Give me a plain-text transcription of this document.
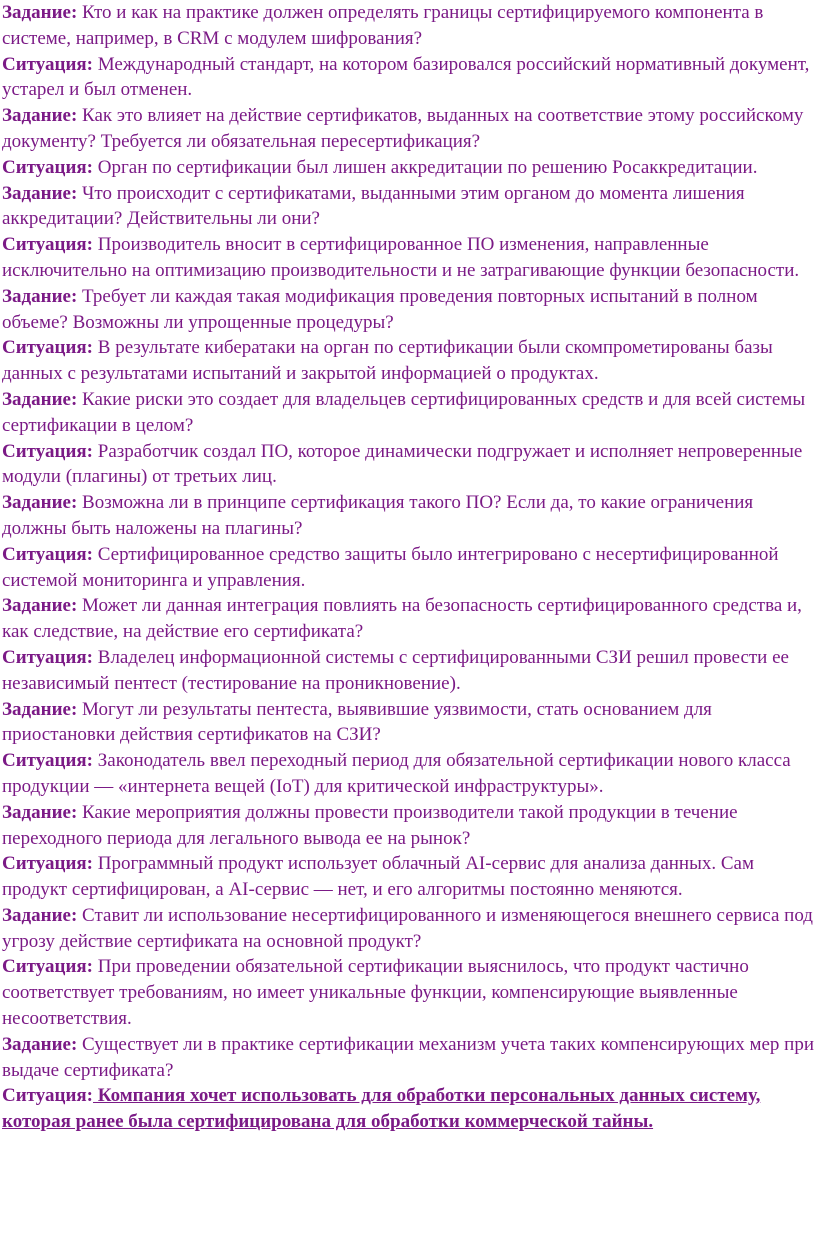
Задание: Кто и как на практике должен определять границы сертифицируемого компонента в системе, например, в CRM с модулем шифрования?

Ситуация: Международный стандарт, на котором базировался российский нормативный документ, устарел и был отменен.

Задание: Как это влияет на действие сертификатов, выданных на соответствие этому российскому документу? Требуется ли обязательная пересертификация?

Ситуация: Орган по сертификации был лишен аккредитации по решению Росаккредитации.

Задание: Что происходит с сертификатами, выданными этим органом до момента лишения аккредитации? Действительны ли они?

Ситуация: Производитель вносит в сертифицированное ПО изменения, направленные исключительно на оптимизацию производительности и не затрагивающие функции безопасности.

Задание: Требует ли каждая такая модификация проведения повторных испытаний в полном объеме? Возможны ли упрощенные процедуры?

Ситуация: В результате кибератаки на орган по сертификации были скомпрометированы базы данных с результатами испытаний и закрытой информацией о продуктах.

Задание: Какие риски это создает для владельцев сертифицированных средств и для всей системы сертификации в целом?

Ситуация: Разработчик создал ПО, которое динамически подгружает и исполняет непроверенные модули (плагины) от третьих лиц.

Задание: Возможна ли в принципе сертификация такого ПО? Если да, то какие ограничения должны быть наложены на плагины?

Ситуация: Сертифицированное средство защиты было интегрировано с несертифицированной системой мониторинга и управления.

Задание: Может ли данная интеграция повлиять на безопасность сертифицированного средства и, как следствие, на действие его сертификата?

Ситуация: Владелец информационной системы с сертифицированными СЗИ решил провести ее независимый пентест (тестирование на проникновение).

Задание: Могут ли результаты пентеста, выявившие уязвимости, стать основанием для приостановки действия сертификатов на СЗИ?

Ситуация: Законодатель ввел переходный период для обязательной сертификации нового класса продукции — «интернета вещей (IoT) для критической инфраструктуры».

Задание: Какие мероприятия должны провести производители такой продукции в течение переходного периода для легального вывода ее на рынок?

Ситуация: Программный продукт использует облачный AI-сервис для анализа данных. Сам продукт сертифицирован, а AI-сервис — нет, и его алгоритмы постоянно меняются.

Задание: Ставит ли использование несертифицированного и изменяющегося внешнего сервиса под угрозу действие сертификата на основной продукт?

Ситуация: При проведении обязательной сертификации выяснилось, что продукт частично соответствует требованиям, но имеет уникальные функции, компенсирующие выявленные несоответствия.

Задание: Существует ли в практике сертификации механизм учета таких компенсирующих мер при выдаче сертификата?

Ситуация: Компания хочет использовать для обработки персональных данных систему, которая ранее была сертифицирована для обработки коммерческой тайны.
